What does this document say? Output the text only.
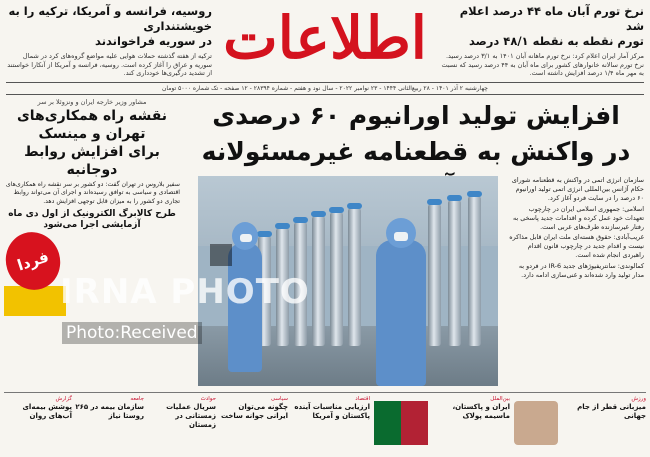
نرخ تورم آبان ماه ۴۴ درصد اعلام شد
تورم نقطه به نقطه ۴۸/۱ درصد
مرکز آمار ایران اعلام کرد: نرخ تورم ماهانه آبان ۱۴۰۱ به ۳/۱ درصد رسید. نرخ تورم سالانه خانوارهای کشور برای ماه آبان به ۴۴ درصد رسید که نسبت به مهر ماه ۱/۴ درصد افزایش داشته است.
اطلاعات
روسیه، فرانسه و آمریکا، ترکیه را به خویشتنداری
در سوریه فراخواندند
ترکیه از هفته گذشته حملات هوایی علیه مواضع گروه‌های کرد در شمال سوریه و عراق را آغاز کرده است. روسیه، فرانسه و آمریکا از آنکارا خواستند از تشدید درگیری‌ها خودداری کند.
چهارشنبه ۲ آذر ۱۴۰۱ - ۲۸ ربیع‌الثانی ۱۴۴۴ - ۲۳ نوامبر ۲۰۲۲ - سال نود و هفتم - شماره ۲۸۳۹۴ - ۱۲ صفحه - تک شماره ۵۰۰۰ تومان
افزایش تولید اورانیوم ۶۰ درصدی
در واکنش به قطعنامه غیرمسئولانه

سازمان انرژی اتمی در واکنش به قطعنامه شورای حکام آژانس بین‌المللی انرژی اتمی تولید اورانیوم ۶۰ درصد را در سایت فردو آغاز کرد.

اسلامی: جمهوری اسلامی ایران در چارچوب تعهدات خود عمل کرده و اقدامات جدید پاسخی به رفتار غیرسازنده طرف‌های غربی است.

غریب‌آبادی: حقوق هسته‌ای ملت ایران قابل مذاکره نیست و اقدام جدید در چارچوب قانون اقدام راهبردی انجام شده است.

کمالوندی: سانتریفیوژهای جدید IR-6 در فردو به مدار تولید وارد شده‌اند و غنی‌سازی ادامه دارد.

مشاور وزیر خارجه ایران و ونزوئلا بر سر
نقشه راه همکاری‌های تهران و مینسک
برای افزایش روابط دوجانبه
سفیر بلاروس در تهران گفت: دو کشور بر سر نقشه راه همکاری‌های اقتصادی و سیاسی به توافق رسیده‌اند و اجرای آن می‌تواند روابط تجاری دو کشور را به میزان قابل توجهی افزایش دهد.
طرح کالابرگ الکترونیک از اول دی ماه آزمایشی اجرا می‌شود
فردا
IRNA PHOTO
Photo:Received
ورزش
میزبانی قطر از جام جهانی
بین‌الملل
ایران و پاکستان، ماسیمه پولاک
اقتصاد
ارزیابی مناسبات آینده پاکستان و آمریکا
سیاسی
چگونه می‌توان ایرانی جوانه‌ ساخت
حوادث
سریال عملیات زمستانی در زمستان
جامعه
سازمان بیمه در ۲۶۵ روستا نیاز
گزارش
پوشش بیمه‌ای آب‌های روان
